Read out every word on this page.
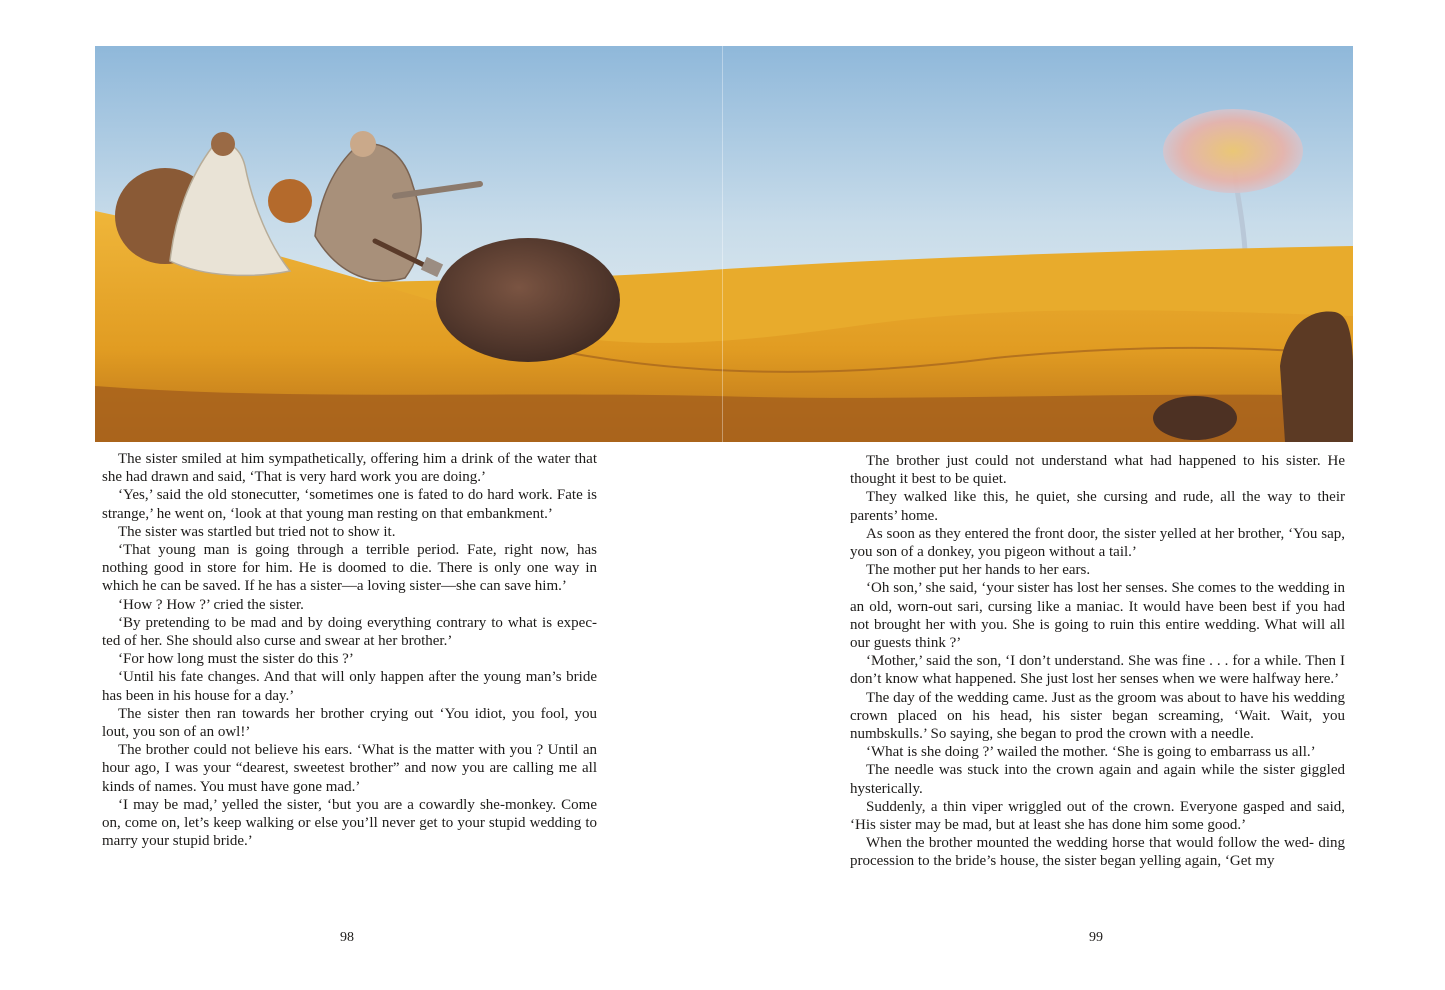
The sister smiled at him sympathetically, offering him a drink of the water that she had drawn and said, ‘That is very hard work you are doing.’

‘Yes,’ said the old stonecutter, ‘sometimes one is fated to do hard work. Fate is strange,’ he went on, ‘look at that young man resting on that embankment.’

The sister was startled but tried not to show it.

‘That young man is going through a terrible period. Fate, right now, has nothing good in store for him. He is doomed to die. There is only one way in which he can be saved. If he has a sister—a loving sister—she can save him.’

‘How ? How ?’ cried the sister.

‘By pretending to be mad and by doing everything contrary to what is expec- ted of her. She should also curse and swear at her brother.’

‘For how long must the sister do this ?’

‘Until his fate changes. And that will only happen after the young man’s bride has been in his house for a day.’

The sister then ran towards her brother crying out ‘You idiot, you fool, you lout, you son of an owl!’

The brother could not believe his ears. ‘What is the matter with you ? Until an hour ago, I was your “dearest, sweetest brother” and now you are calling me all kinds of names. You must have gone mad.’

‘I may be mad,’ yelled the sister, ‘but you are a cowardly she-monkey. Come on, come on, let’s keep walking or else you’ll never get to your stupid wedding to marry your stupid bride.’

The brother just could not understand what had happened to his sister. He thought it best to be quiet.

They walked like this, he quiet, she cursing and rude, all the way to their parents’ home.

As soon as they entered the front door, the sister yelled at her brother, ‘You sap, you son of a donkey, you pigeon without a tail.’

The mother put her hands to her ears.

‘Oh son,’ she said, ‘your sister has lost her senses. She comes to the wedding in an old, worn-out sari, cursing like a maniac. It would have been best if you had not brought her with you. She is going to ruin this entire wedding. What will all our guests think ?’

‘Mother,’ said the son, ‘I don’t understand. She was fine . . . for a while. Then I don’t know what happened. She just lost her senses when we were halfway here.’

The day of the wedding came. Just as the groom was about to have his wedding crown placed on his head, his sister began screaming, ‘Wait. Wait, you numbskulls.’ So saying, she began to prod the crown with a needle.

‘What is she doing ?’ wailed the mother. ‘She is going to embarrass us all.’

The needle was stuck into the crown again and again while the sister giggled hysterically.

Suddenly, a thin viper wriggled out of the crown. Everyone gasped and said, ‘His sister may be mad, but at least she has done him some good.’

When the brother mounted the wedding horse that would follow the wed- ding procession to the bride’s house, the sister began yelling again, ‘Get my

98	99
